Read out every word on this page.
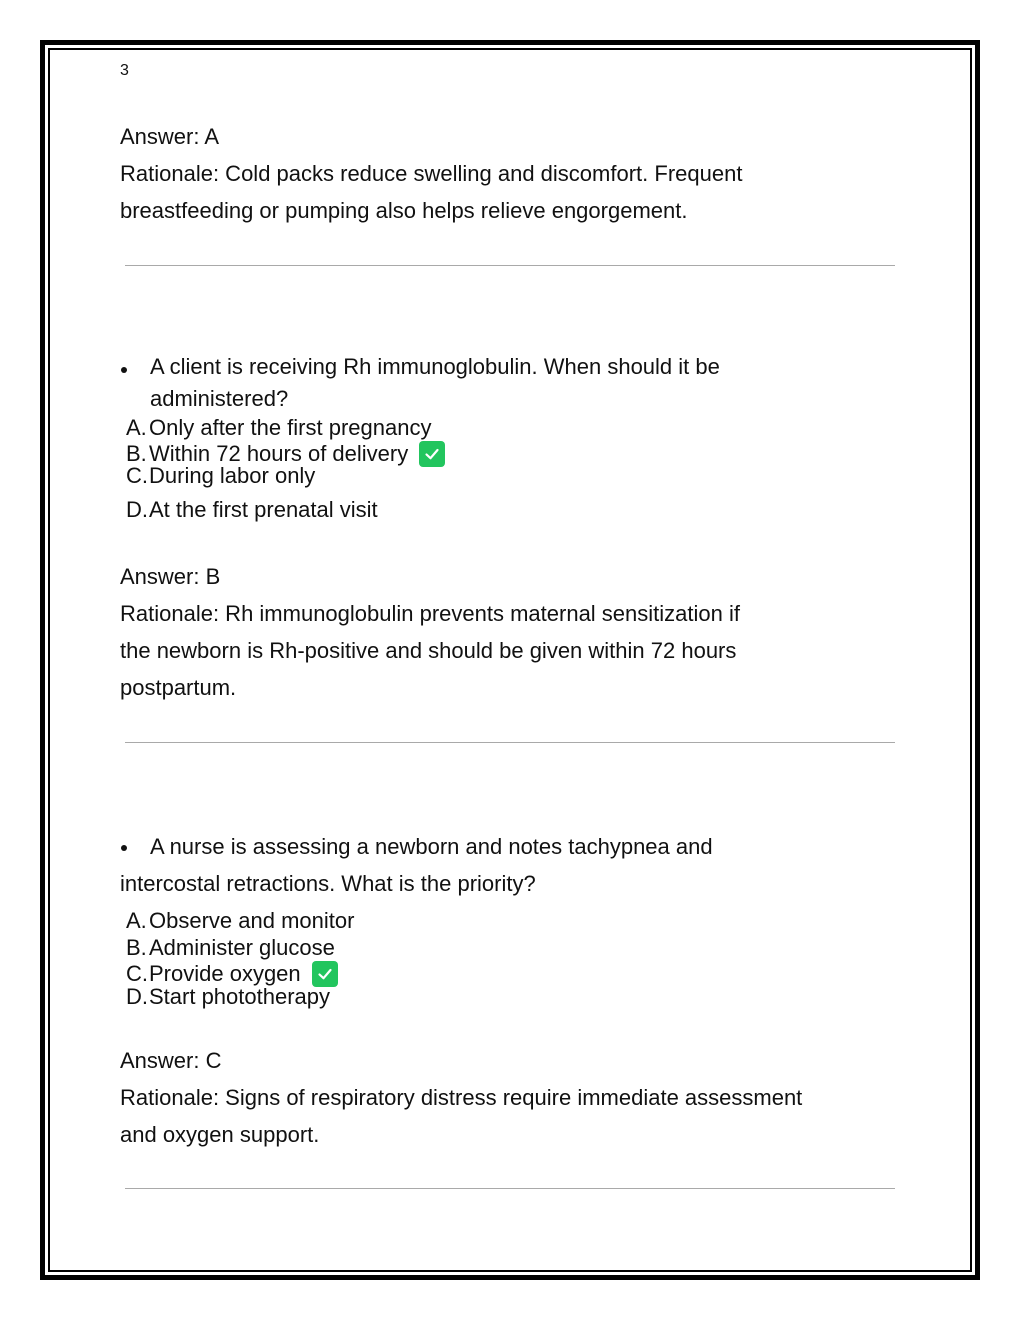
3
Answer: A
Rationale: Cold packs reduce swelling and discomfort. Frequent
breastfeeding or pumping also helps relieve engorgement.
A client is receiving Rh immunoglobulin. When should it be
administered?
A. Only after the first pregnancy
B. Within 72 hours of delivery
C. During labor only
D. At the first prenatal visit
Answer: B
Rationale: Rh immunoglobulin prevents maternal sensitization if
the newborn is Rh-positive and should be given within 72 hours
postpartum.
A nurse is assessing a newborn and notes tachypnea and
intercostal retractions. What is the priority?
A. Observe and monitor
B. Administer glucose
C. Provide oxygen
D. Start phototherapy
Answer: C
Rationale: Signs of respiratory distress require immediate assessment
and oxygen support.
